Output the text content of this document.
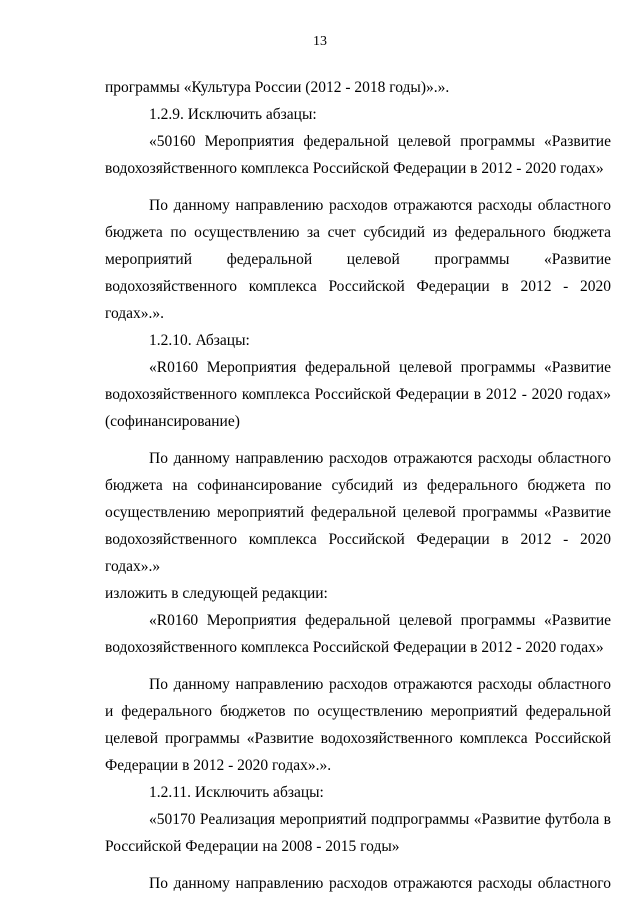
13

программы «Культура России (2012 - 2018 годы)».».

1.2.9. Исключить абзацы:

«50160 Мероприятия федеральной целевой программы «Развитие водохозяйственного комплекса Российской Федерации в 2012 - 2020 годах»

По данному направлению расходов отражаются расходы областного бюджета по осуществлению за счет субсидий из федерального бюджета мероприятий федеральной целевой программы «Развитие водохозяйственного комплекса Российской Федерации в 2012 - 2020 годах».».

1.2.10. Абзацы:

«R0160 Мероприятия федеральной целевой программы «Развитие водохозяйственного комплекса Российской Федерации в 2012 - 2020 годах» (софинансирование)

По данному направлению расходов отражаются расходы областного бюджета на софинансирование субсидий из федерального бюджета по осуществлению мероприятий федеральной целевой программы «Развитие водохозяйственного комплекса Российской Федерации в 2012 - 2020 годах».»

изложить в следующей редакции:

«R0160 Мероприятия федеральной целевой программы «Развитие водохозяйственного комплекса Российской Федерации в 2012 - 2020 годах»

По данному направлению расходов отражаются расходы областного и федерального бюджетов по осуществлению мероприятий федеральной целевой программы «Развитие водохозяйственного комплекса Российской Федерации в 2012 - 2020 годах».».

1.2.11. Исключить абзацы:

«50170 Реализация мероприятий подпрограммы «Развитие футбола в Российской Федерации на 2008 - 2015 годы»

По данному направлению расходов отражаются расходы областного
